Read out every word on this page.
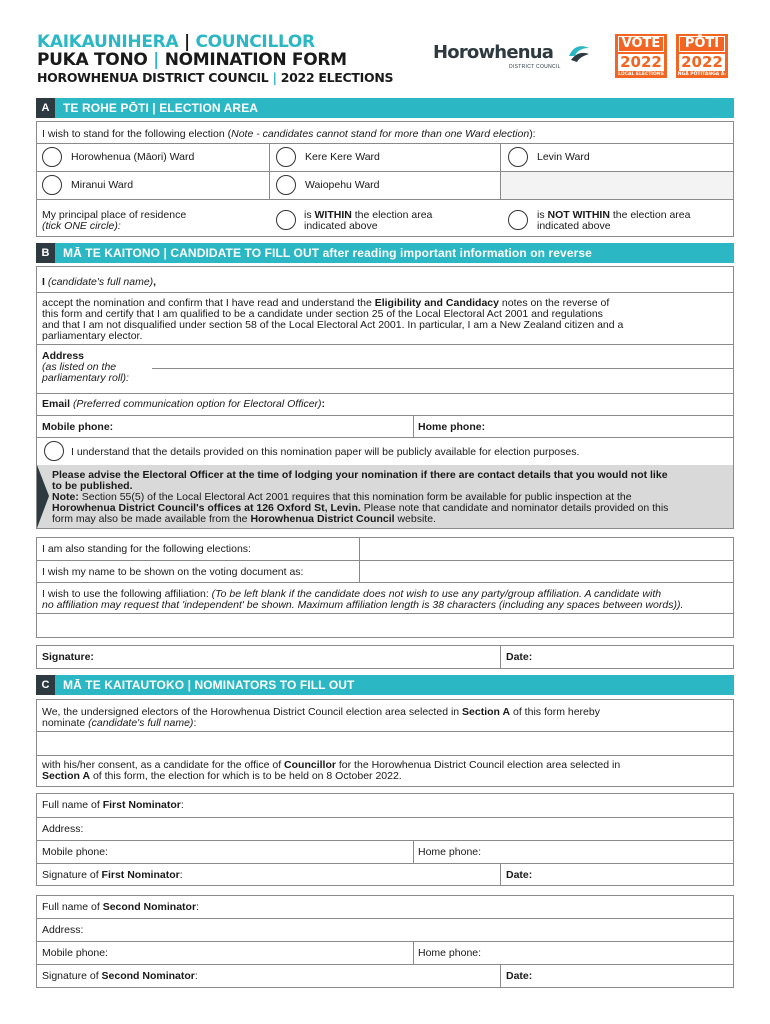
KAIKAUNIHERA | COUNCILLOR
PUKA TONO | NOMINATION FORM
HOROWHENUA DISTRICT COUNCIL | 2022 ELECTIONS
Horowhenua
DISTRICT COUNCIL
VOTE
2022
LOCAL ELECTIONS
PŌTI
2022
NGĀ PŌTITANGA Ā-ROHE
A	TE ROHE PŌTI | ELECTION AREA
I wish to stand for the following election (Note - candidates cannot stand for more than one Ward election):
Horowhenua (Māori) Ward	Kere Kere Ward	Levin Ward
Miranui Ward	Waiopehu Ward
My principal place of residence
(tick ONE circle):
is WITHIN the election area
indicated above
is NOT WITHIN the election area
indicated above
B	MĀ TE KAITONO | CANDIDATE TO FILL OUT after reading important information on reverse
I (candidate's full name),
accept the nomination and confirm that I have read and understand the Eligibility and Candidacy notes on the reverse of
this form and certify that I am qualified to be a candidate under section 25 of the Local Electoral Act 2001 and regulations
and that I am not disqualified under section 58 of the Local Electoral Act 2001. In particular, I am a New Zealand citizen and a
parliamentary elector.
Address
(as listed on the
parliamentary roll):
Email (Preferred communication option for Electoral Officer):
Mobile phone:	Home phone:
I understand that the details provided on this nomination paper will be publicly available for election purposes.
Please advise the Electoral Officer at the time of lodging your nomination if there are contact details that you would not like
to be published.
Note: Section 55(5) of the Local Electoral Act 2001 requires that this nomination form be available for public inspection at the
Horowhenua District Council's offices at 126 Oxford St, Levin. Please note that candidate and nominator details provided on this
form may also be made available from the Horowhenua District Council website.
I am also standing for the following elections:
I wish my name to be shown on the voting document as:
I wish to use the following affiliation: (To be left blank if the candidate does not wish to use any party/group affiliation. A candidate with
no affiliation may request that 'independent' be shown. Maximum affiliation length is 38 characters (including any spaces between words)).
Signature:	Date:
C	MĀ TE KAITAUTOKO | NOMINATORS TO FILL OUT
We, the undersigned electors of the Horowhenua District Council election area selected in Section A of this form hereby
nominate (candidate's full name):
with his/her consent, as a candidate for the office of Councillor for the Horowhenua District Council election area selected in
Section A of this form, the election for which is to be held on 8 October 2022.
Full name of First Nominator:
Address:
Mobile phone:	Home phone:
Signature of First Nominator:	Date:
Full name of Second Nominator:
Address:
Mobile phone:	Home phone:
Signature of Second Nominator:	Date:
